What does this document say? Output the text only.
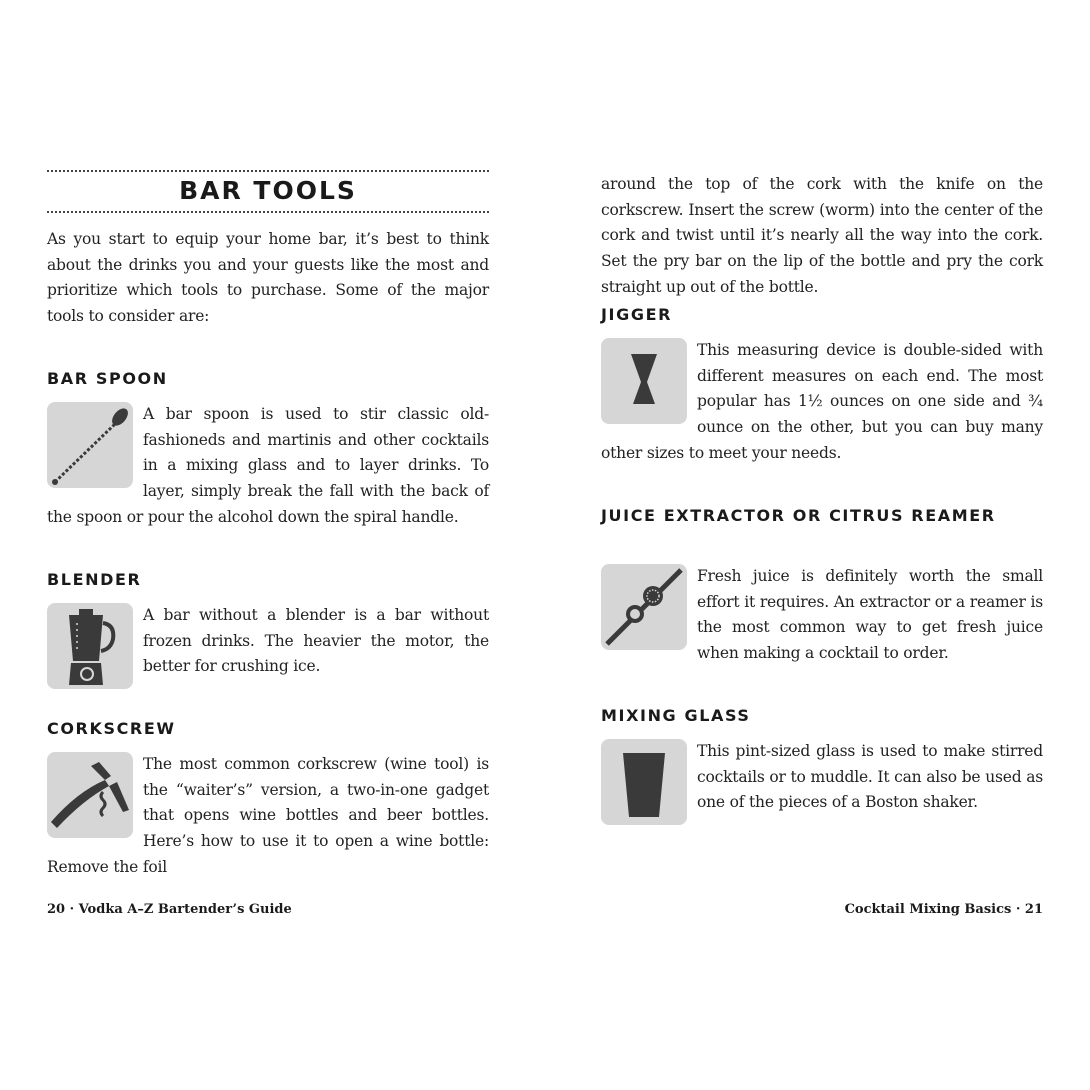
BAR TOOLS

As you start to equip your home bar, it’s best to think about the drinks you and your guests like the most and prioritize which tools to purchase. Some of the major tools to consider are:

BAR SPOON
A bar spoon is used to stir classic old-fashioneds and martinis and other cocktails in a mixing glass and to layer drinks. To layer, simply break the fall with the back of the spoon or pour the alcohol down the spiral handle.
BLENDER
A bar without a blender is a bar without frozen drinks. The heavier the motor, the better for crushing ice.
CORKSCREW
The most common corkscrew (wine tool) is the “waiter’s” version, a two-in-one gadget that opens wine bottles and beer bottles. Here’s how to use it to open a wine bottle: Remove the foil

20 · Vodka A–Z Bartender’s Guide

around the top of the cork with the knife on the corkscrew. Insert the screw (worm) into the center of the cork and twist until it’s nearly all the way into the cork. Set the pry bar on the lip of the bottle and pry the cork straight up out of the bottle.

JIGGER
This measuring device is double-sided with different measures on each end. The most popular has 1½ ounces on one side and ¾ ounce on the other, but you can buy many other sizes to meet your needs.
JUICE EXTRACTOR OR CITRUS REAMER
Fresh juice is definitely worth the small effort it requires. An extractor or a reamer is the most common way to get fresh juice when making a cocktail to order.
MIXING GLASS
This pint-sized glass is used to make stirred cocktails or to muddle. It can also be used as one of the pieces of a Boston shaker.

Cocktail Mixing Basics · 21
